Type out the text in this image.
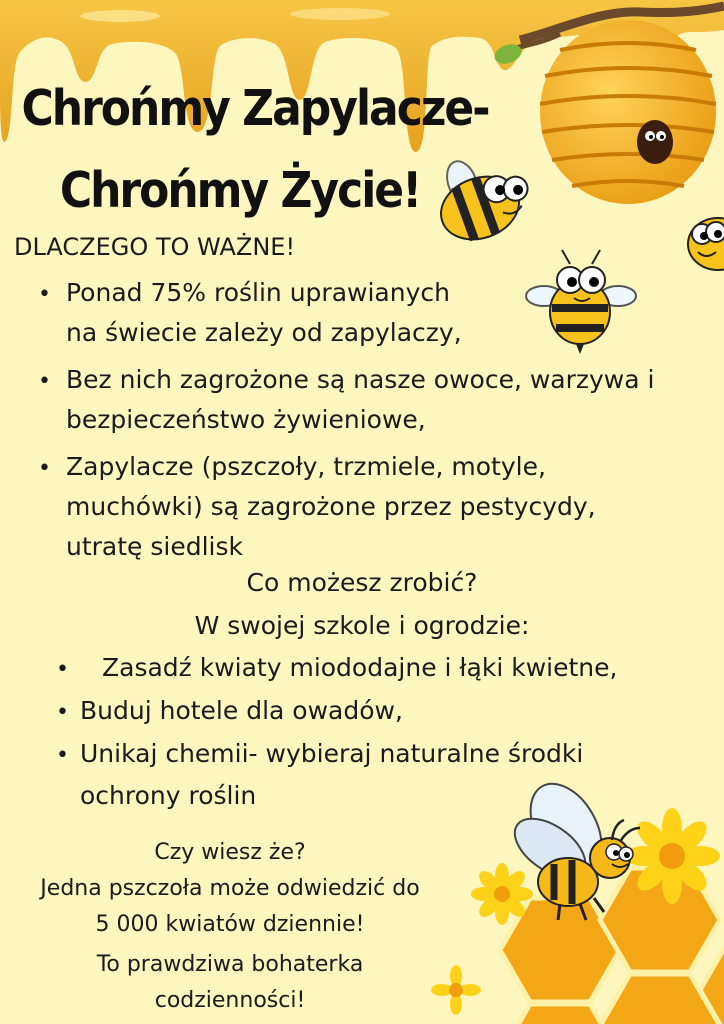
Chrońmy Zapylacze-
Chrońmy Życie!

DLACZEGO TO WAŻNE!

• Ponad 75% roślin uprawianych

na świecie zależy od zapylaczy,

• Bez nich zagrożone są nasze owoce, warzywa i

bezpieczeństwo żywieniowe,

• Zapylacze (pszczoły, trzmiele, motyle,

muchówki) są zagrożone przez pestycydy,

utratę siedlisk

Co możesz zrobić?

W swojej szkole i ogrodzie:

• Zasadź kwiaty miododajne i łąki kwietne,

• Buduj hotele dla owadów,

• Unikaj chemii- wybieraj naturalne środki

ochrony roślin

Czy wiesz że?

Jedna pszczoła może odwiedzić do

5 000 kwiatów dziennie!

To prawdziwa bohaterka

codzienności!
